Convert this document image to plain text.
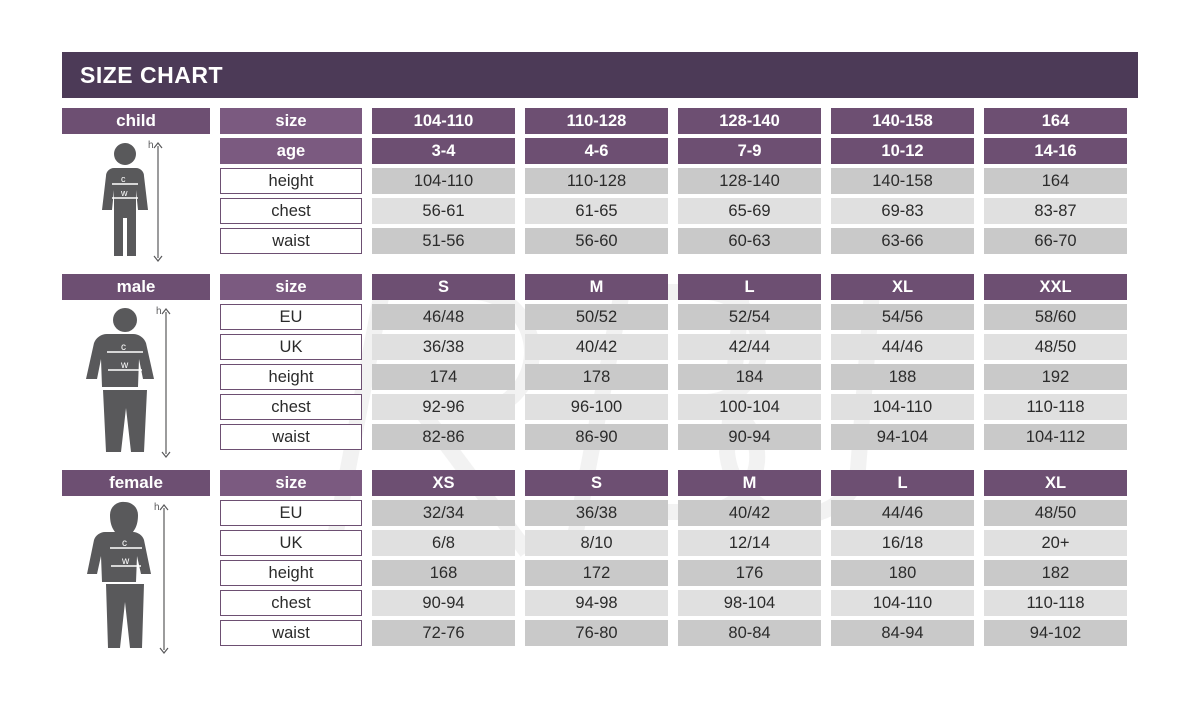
SIZE CHART
child	size	104-110	110-128	128-140	140-158	164
c
w
h	age	3-4	4-6	7-9	10-12	14-16
height	104-110	110-128	128-140	140-158	164
chest	56-61	61-65	65-69	69-83	83-87
waist	51-56	56-60	60-63	63-66	66-70
male	size	S	M	L	XL	XXL
c
w
h	EU	46/48	50/52	52/54	54/56	58/60
UK	36/38	40/42	42/44	44/46	48/50
height	174	178	184	188	192
chest	92-96	96-100	100-104	104-110	110-118
waist	82-86	86-90	90-94	94-104	104-112
female	size	XS	S	M	L	XL
c
w
h	EU	32/34	36/38	40/42	44/46	48/50
UK	6/8	8/10	12/14	16/18	20+
height	168	172	176	180	182
chest	90-94	94-98	98-104	104-110	110-118
waist	72-76	76-80	80-84	84-94	94-102
